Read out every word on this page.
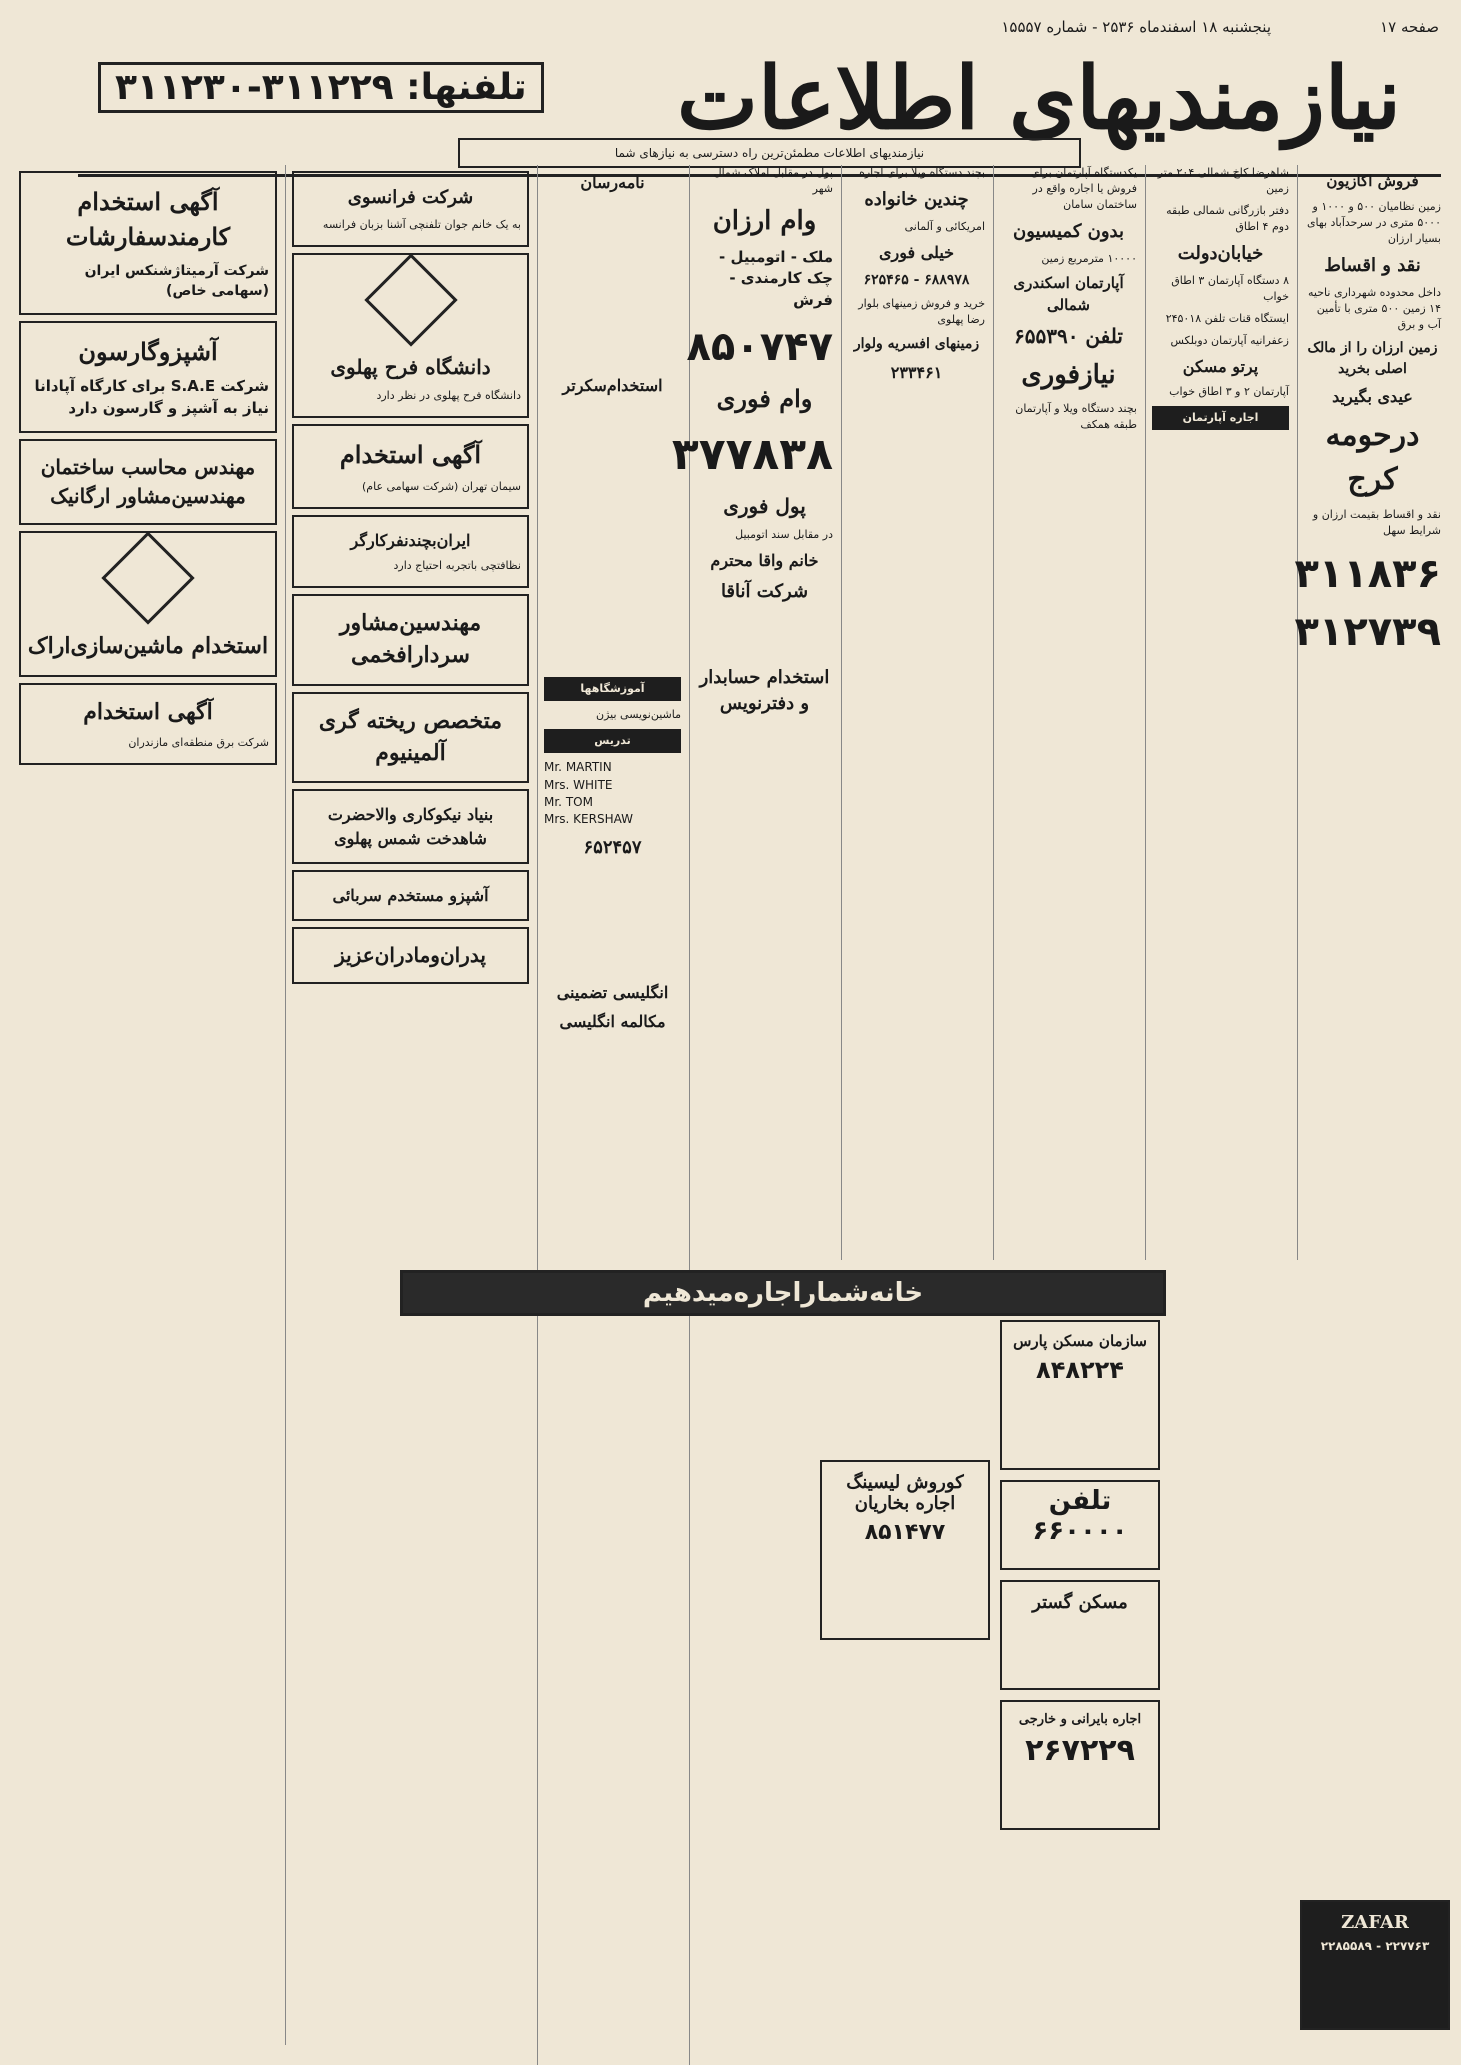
صفحه ۱۷
پنجشنبه ۱۸ اسفندماه ۲۵۳۶ - شماره ۱۵۵۵۷
نیازمندیهای اطلاعات
تلفنها: ۳۱۱۲۲۹-۳۱۱۲۳۰
نیازمندیهای اطلاعات مطمئن‌ترین راه دسترسی به نیازهای شما
فروش اکازیون

زمین نظامیان ۵۰۰ و ۱۰۰۰ و ۵۰۰۰ متری در سرحدآباد بهای بسیار ارزان

نقد و اقساط

داخل محدوده شهرداری ناحیه ۱۴ زمین ۵۰۰ متری با تأمین آب و برق

زمین ارزان را از مالک اصلی بخرید
عیدی بگیرید
درحومه کرج

نقد و اقساط بقیمت ارزان و شرایط سهل

۳۱۱۸۳۶
۳۱۲۷۳۹

شاهرضا کاخ شمالی ۲۰۴ متر زمین

دفتر بازرگانی شمالی طبقه دوم ۴ اطاق

خیابان‌دولت

۸ دستگاه آپارتمان ۳ اطاق خواب

ایستگاه قنات تلفن ۲۴۵۰۱۸

زعفرانیه آپارتمان دوبلکس

پرتو مسکن

آپارتمان ۲ و ۳ اطاق خواب

اجاره آپارتمان

یکدستگاه آپارتمان برای فروش یا اجاره واقع در ساختمان سامان

بدون کمیسیون

۱۰۰۰۰ مترمربع زمین

آپارتمان اسکندری شمالی
تلفن ۶۵۵۳۹۰
نیازفوری

بچند دستگاه ویلا و آپارتمان طبقه همکف

بچند دستگاه ویلا برای اجاره

چندین خانواده

امریکائی و آلمانی

خیلی فوری
۶۸۸۹۷۸ - ۶۲۵۴۶۵

خرید و فروش زمینهای بلوار رضا پهلوی

زمینهای افسریه ولوار
۲۳۳۴۶۱

پول در مقابل املاک شمال شهر

وام ارزان

ملک - اتومبیل - چک کارمندی - فرش

۸۵۰۷۴۷
وام فوری
۳۷۷۸۳۸
پول فوری

در مقابل سند اتومبیل

خانم واقا محترم
شرکت آناقا
استخدام حسابدار و دفترنویس
نامه‌رسان
استخدام‌سکرتر
آموزشگاهها

ماشین‌نویسی بیژن

تدریس
Mr. MARTIN
Mrs. WHITE
Mr. TOM
Mrs. KERSHAW
۶۵۲۴۵۷
انگلیسی تضمینی
مکالمه انگلیسی
شرکت فرانسوی

به یک خانم جوان تلفنچی آشنا بزبان فرانسه

دانشگاه فرح پهلوی

دانشگاه فرح پهلوی در نظر دارد

آگهی استخدام

سیمان تهران (شرکت سهامی عام)

ایران‌بچندنفرکارگر

نظافتچی باتجربه احتیاج دارد

مهندسین‌مشاور سردارافخمی
متخصص ریخته گری آلمینیوم
بنیاد نیکوکاری والاحضرت شاهدخت شمس پهلوی
آشپزو مستخدم سربائی
پدران‌ومادران‌عزیز
آگهی استخدام کارمندسفارشات

شرکت آرمیتاژشنکس ایران (سهامی خاص)

آشپزوگارسون

شرکت S.A.E برای کارگاه آپادانا نیاز به آشپز و گارسون دارد

مهندس محاسب ساختمان مهندسین‌مشاور ارگانیک
استخدام ماشین‌سازی‌اراک
آگهی‌ استخدام

شرکت برق منطقه‌ای مازندران

خانه‌شماراجاره‌میدهیم
سازمان مسکن پارس
۸۴۸۲۲۴
کوروش لیسینگ اجاره بخاریان
۸۵۱۴۷۷
اجاره بایرانی و خارجی
۲۶۷۲۲۹
تلفن ۶۶۰۰۰۰
مسکن گستر
ZAFAR
۲۲۷۷۶۳ - ۲۲۸۵۵۸۹
